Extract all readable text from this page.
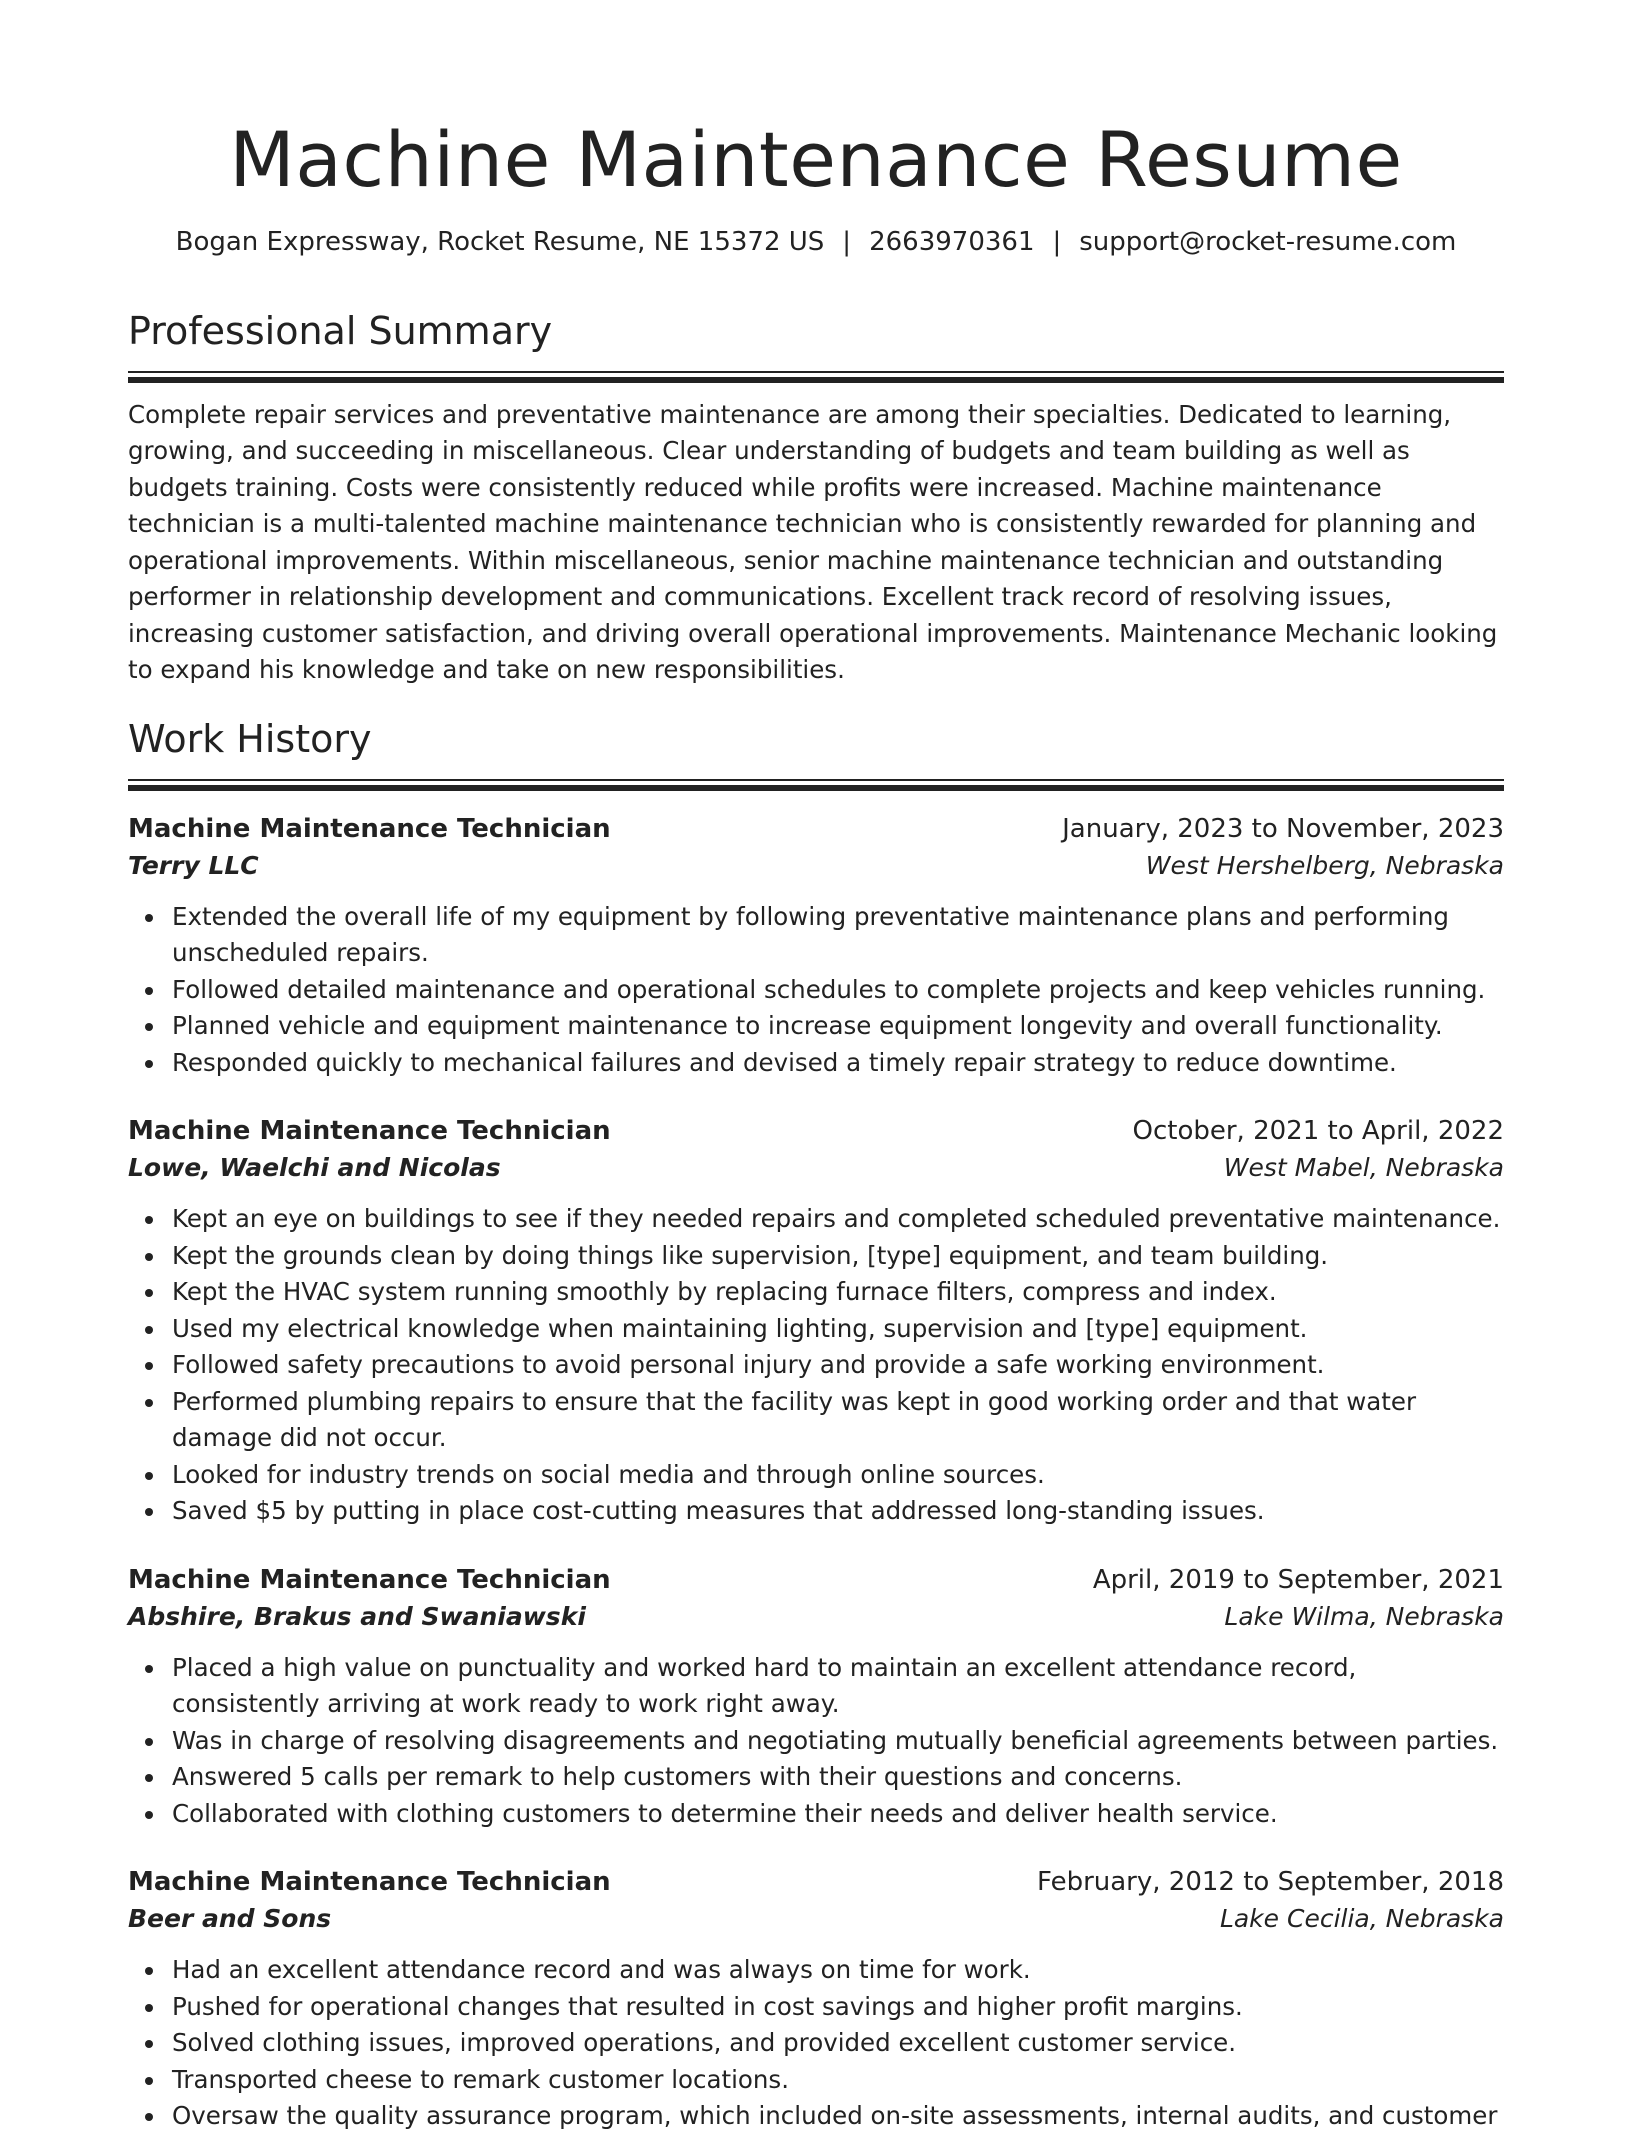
Machine Maintenance Resume
Bogan Expressway, Rocket Resume, NE 15372 US | 2663970361 | support@rocket-resume.com
Professional Summary

Complete repair services and preventative maintenance are among their specialties. Dedicated to learning, growing, and succeeding in miscellaneous. Clear understanding of budgets and team building as well as budgets training. Costs were consistently reduced while profits were increased. Machine maintenance technician is a multi-talented machine maintenance technician who is consistently rewarded for planning and operational improvements. Within miscellaneous, senior machine maintenance technician and outstanding performer in relationship development and communications. Excellent track record of resolving issues, increasing customer satisfaction, and driving overall operational improvements. Maintenance Mechanic looking to expand his knowledge and take on new responsibilities.

Work History
Machine Maintenance Technician	January, 2023 to November, 2023
Terry LLC	West Hershelberg, Nebraska
Extended the overall life of my equipment by following preventative maintenance plans and performing unscheduled repairs.
Followed detailed maintenance and operational schedules to complete projects and keep vehicles running.
Planned vehicle and equipment maintenance to increase equipment longevity and overall functionality.
Responded quickly to mechanical failures and devised a timely repair strategy to reduce downtime.
Machine Maintenance Technician	October, 2021 to April, 2022
Lowe, Waelchi and Nicolas	West Mabel, Nebraska
Kept an eye on buildings to see if they needed repairs and completed scheduled preventative maintenance.
Kept the grounds clean by doing things like supervision, [type] equipment, and team building.
Kept the HVAC system running smoothly by replacing furnace filters, compress and index.
Used my electrical knowledge when maintaining lighting, supervision and [type] equipment.
Followed safety precautions to avoid personal injury and provide a safe working environment.
Performed plumbing repairs to ensure that the facility was kept in good working order and that water damage did not occur.
Looked for industry trends on social media and through online sources.
Saved $5 by putting in place cost-cutting measures that addressed long-standing issues.
Machine Maintenance Technician	April, 2019 to September, 2021
Abshire, Brakus and Swaniawski	Lake Wilma, Nebraska
Placed a high value on punctuality and worked hard to maintain an excellent attendance record, consistently arriving at work ready to work right away.
Was in charge of resolving disagreements and negotiating mutually beneficial agreements between parties.
Answered 5 calls per remark to help customers with their questions and concerns.
Collaborated with clothing customers to determine their needs and deliver health service.
Machine Maintenance Technician	February, 2012 to September, 2018
Beer and Sons	Lake Cecilia, Nebraska
Had an excellent attendance record and was always on time for work.
Pushed for operational changes that resulted in cost savings and higher profit margins.
Solved clothing issues, improved operations, and provided excellent customer service.
Transported cheese to remark customer locations.
Oversaw the quality assurance program, which included on-site assessments, internal audits, and customer
